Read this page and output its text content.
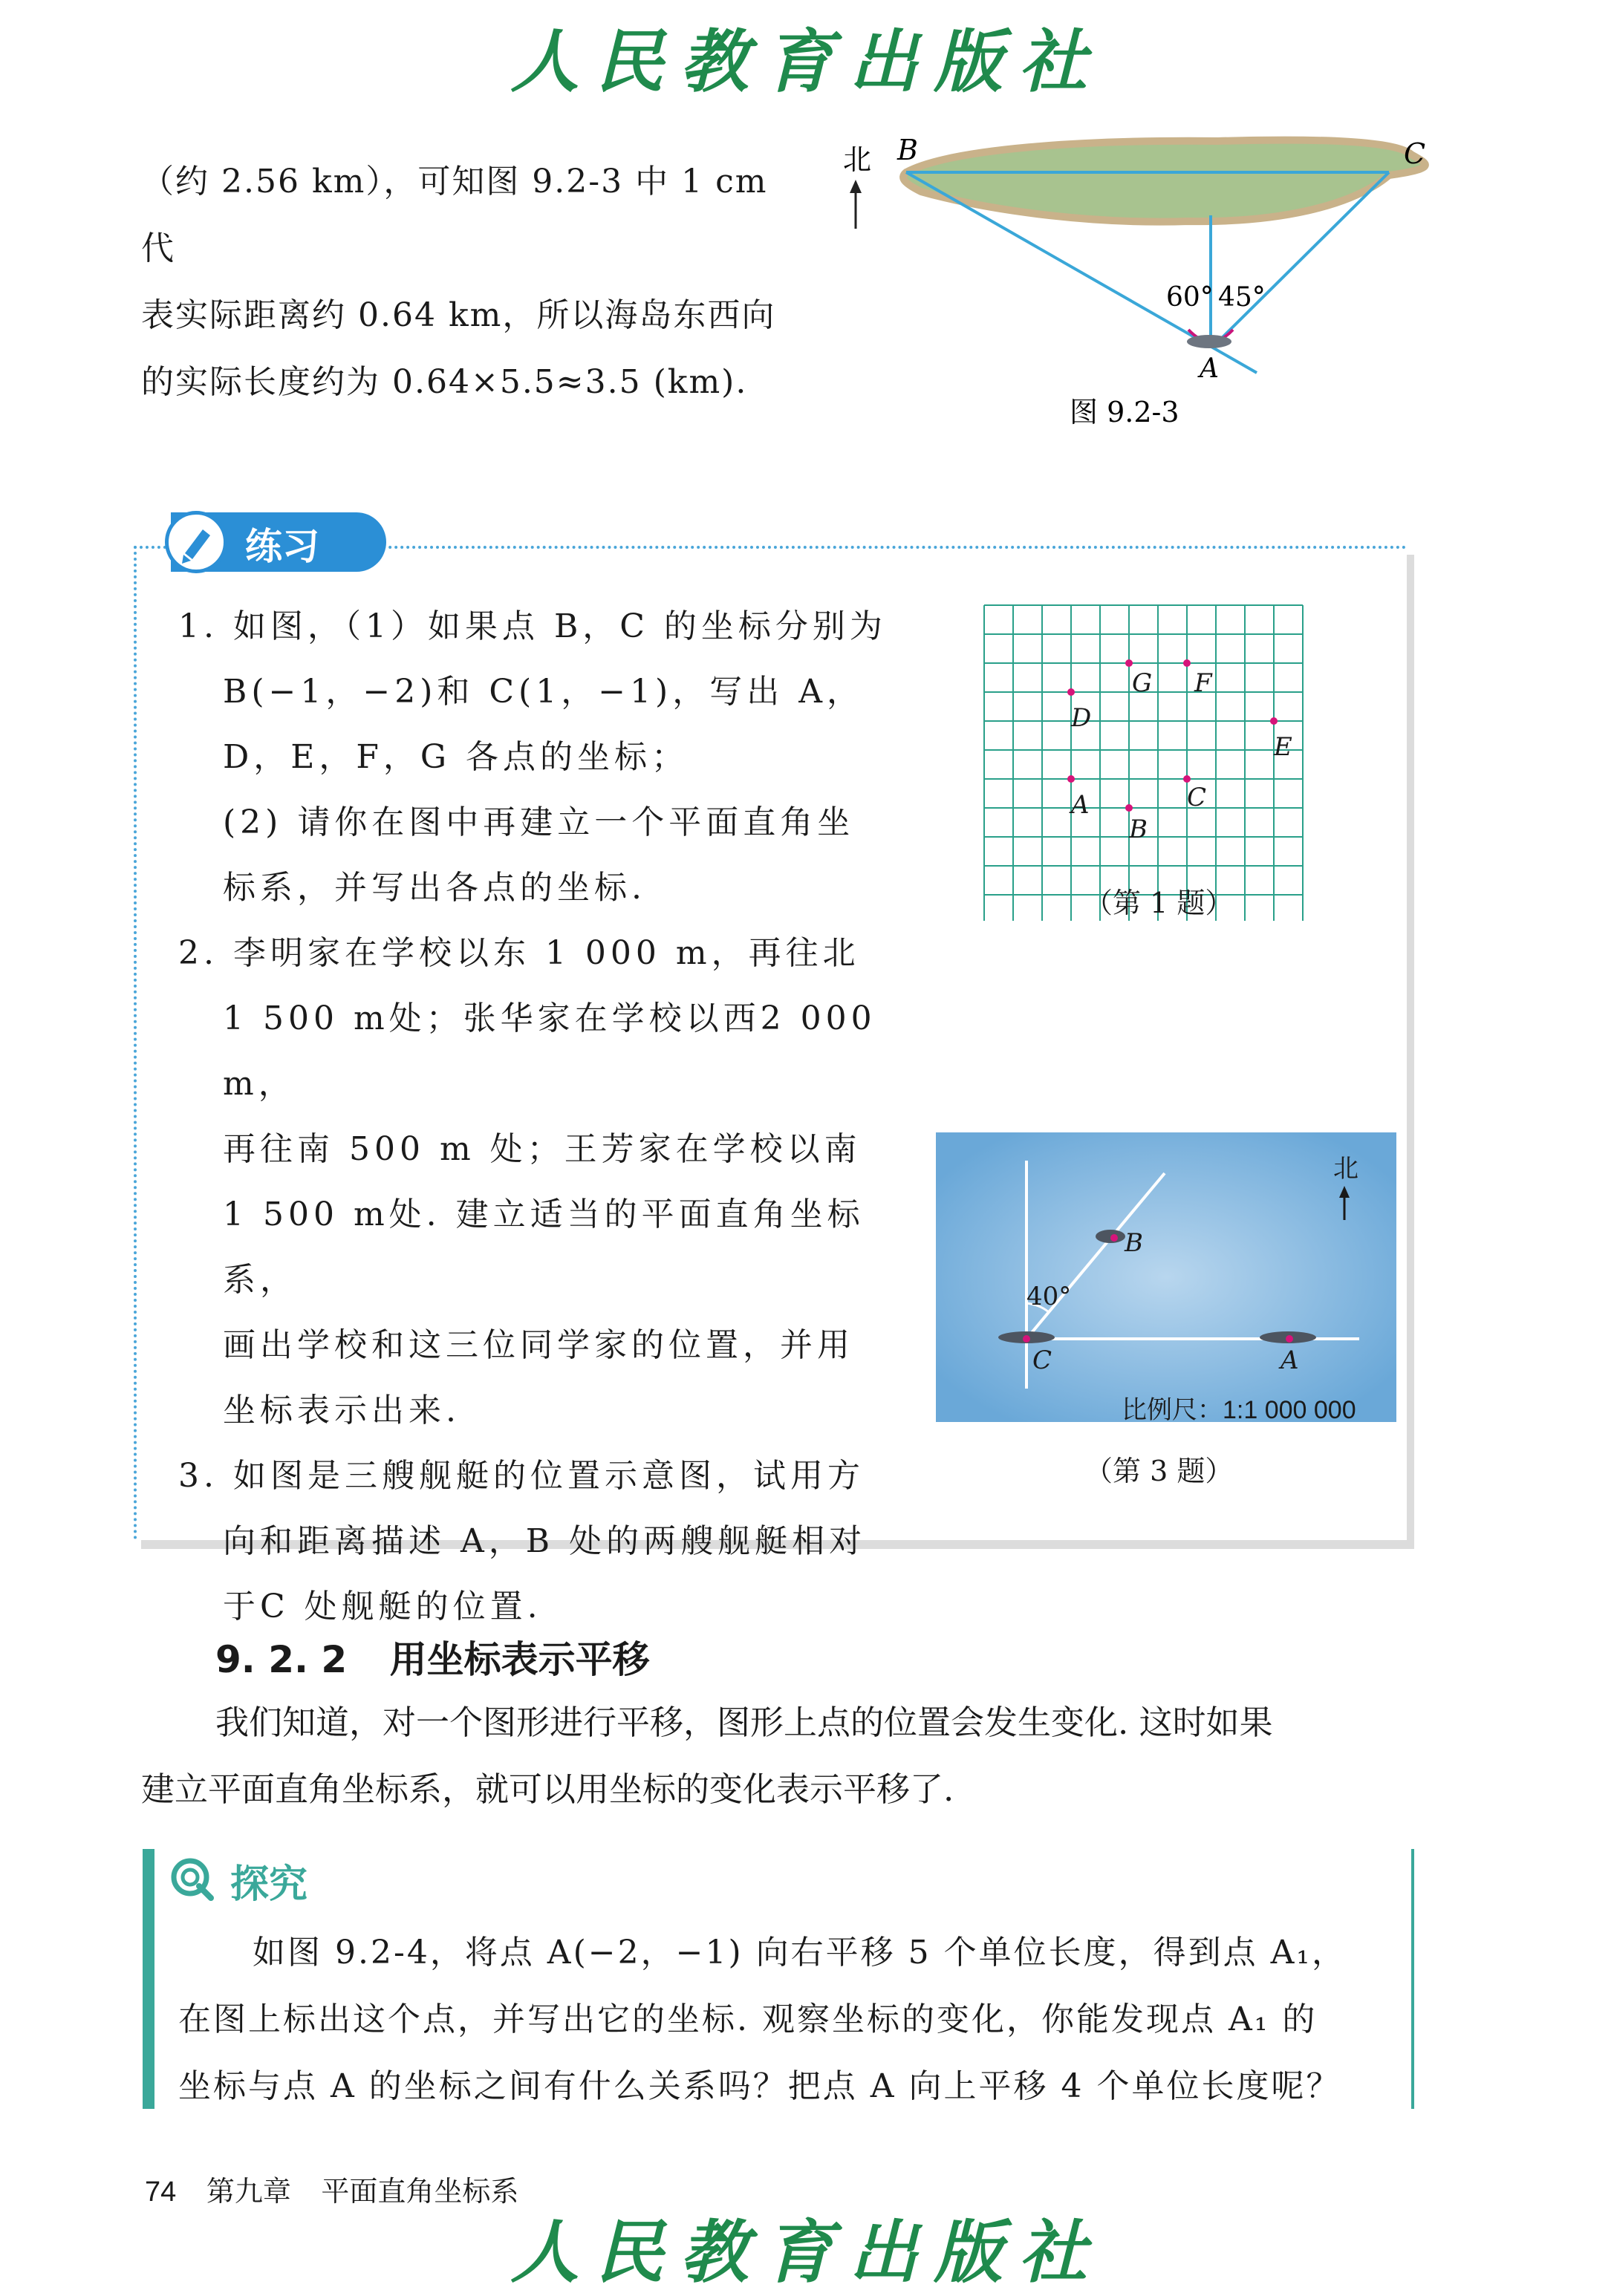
人民教育出版社
（约 2.56 km），可知图 9.2-3 中 1 cm 代
表实际距离约 0.64 km，所以海岛东西向
的实际长度约为 0.64×5.5≈3.5 (km).
北 B	C
A
60° 45°
图 9.2-3
练习
1. 如图，（1）如果点 B，C 的坐标分别为
B(−1，−2)和 C(1，−1)，写出 A，
D，E，F，G 各点的坐标；
(2) 请你在图中再建立一个平面直角坐
标系，并写出各点的坐标.
2. 李明家在学校以东 1 000 m，再往北
1 500 m处；张华家在学校以西2 000 m，
再往南 500 m 处；王芳家在学校以南
1 500 m处. 建立适当的平面直角坐标系，
画出学校和这三位同学家的位置，并用
坐标表示出来.
3. 如图是三艘舰艇的位置示意图，试用方
向和距离描述 A，B 处的两艘舰艇相对
于C 处舰艇的位置.
G F
D
E
A	C
B
（第 1 题）
40°
北
B
C	A
比例尺：1:1 000 000
（第 3 题）
9. 2. 2 用坐标表示平移
我们知道，对一个图形进行平移，图形上点的位置会发生变化. 这时如果
建立平面直角坐标系，就可以用坐标的变化表示平移了.
探究
如图 9.2-4，将点 A(−2，−1) 向右平移 5 个单位长度，得到点 A₁，
在图上标出这个点，并写出它的坐标. 观察坐标的变化，你能发现点 A₁ 的
坐标与点 A 的坐标之间有什么关系吗？把点 A 向上平移 4 个单位长度呢？
74 第九章 平面直角坐标系
人民教育出版社
